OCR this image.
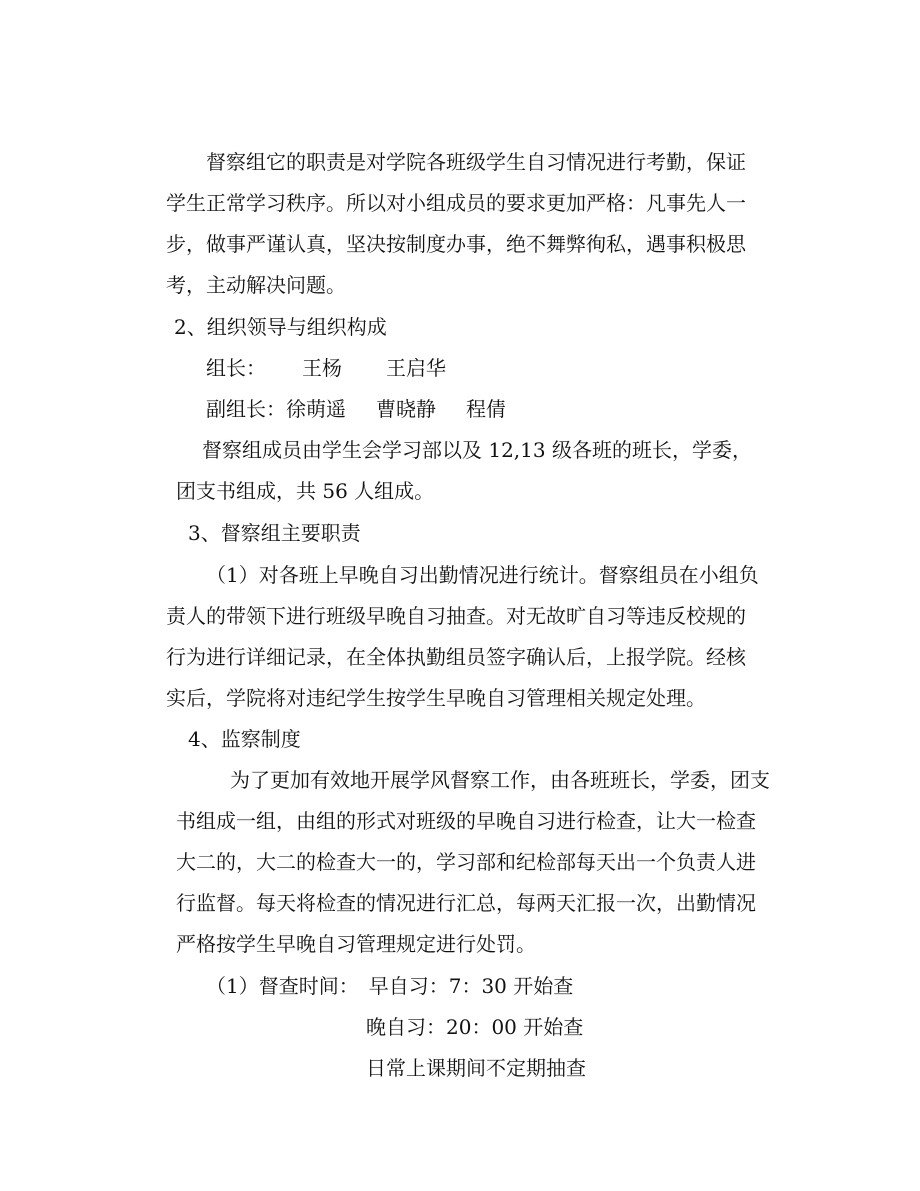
督察组它的职责是对学院各班级学生自习情况进行考勤，保证
学生正常学习秩序。所以对小组成员的要求更加严格：凡事先人一
步，做事严谨认真，坚决按制度办事，绝不舞弊徇私，遇事积极思
考，主动解决问题。
2、组织领导与组织构成
组长： 王杨 王启华
副组长：徐萌遥 曹晓静 程倩
督察组成员由学生会学习部以及 12,13 级各班的班长，学委，
团支书组成，共 56 人组成。
3、督察组主要职责
（1）对各班上早晚自习出勤情况进行统计。督察组员在小组负
责人的带领下进行班级早晚自习抽查。对无故旷自习等违反校规的
行为进行详细记录，在全体执勤组员签字确认后，上报学院。经核
实后，学院将对违纪学生按学生早晚自习管理相关规定处理。
4、监察制度
为了更加有效地开展学风督察工作，由各班班长，学委，团支
书组成一组，由组的形式对班级的早晚自习进行检查，让大一检查
大二的，大二的检查大一的，学习部和纪检部每天出一个负责人进
行监督。每天将检查的情况进行汇总，每两天汇报一次，出勤情况
严格按学生早晚自习管理规定进行处罚。
（1）督查时间： 早自习：7：30 开始查
晚自习：20：00 开始查
日常上课期间不定期抽查
